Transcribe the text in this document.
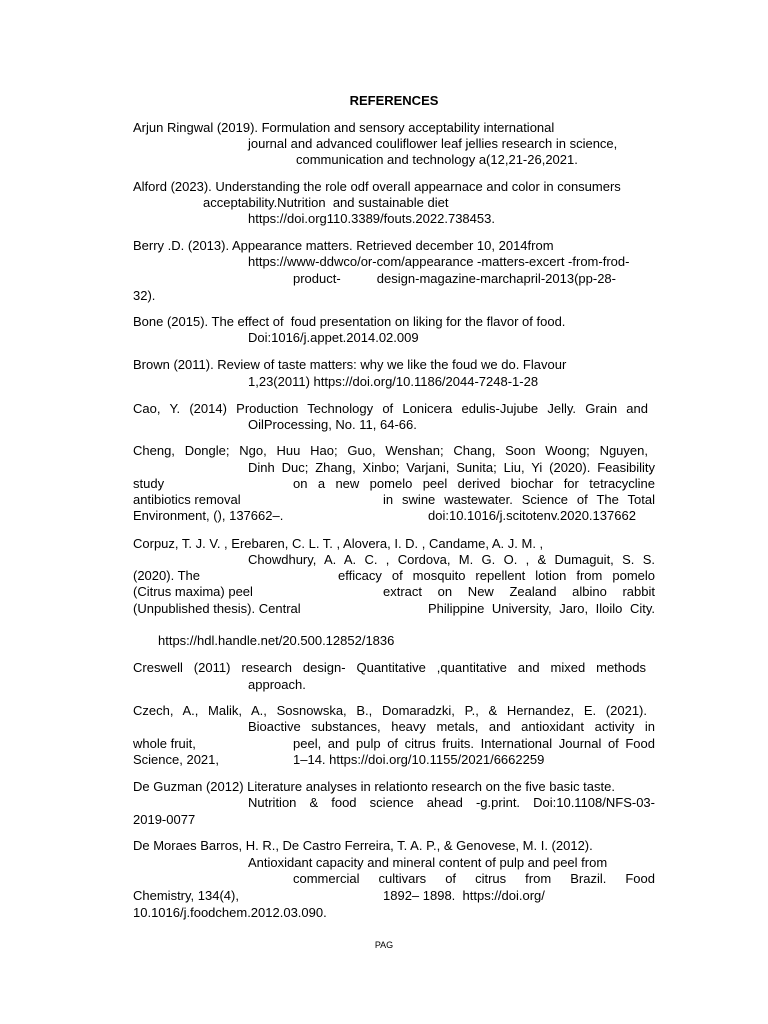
REFERENCES
Arjun Ringwal (2019). Formulation and sensory acceptability international
journal and advanced couliflower leaf jellies research in science,
communication and technology a(12,21-26,2021.
Alford (2023). Understanding the role odf overall appearnace and color in consumers
acceptability.Nutrition  and sustainable diet
https://doi.org110.3389/fouts.2022.738453.
Berry .D. (2013). Appearance matters. Retrieved december 10, 2014from
https://www-ddwco/or-com/appearance -matters-excert -from-frod-
product-          design-magazine-marchapril-2013(pp-28-
32).
Bone (2015). The effect of  foud presentation on liking for the flavor of food.
Doi:1016/j.appet.2014.02.009
Brown (2011). Review of taste matters: why we like the foud we do. Flavour
1,23(2011) https://doi.org/10.1186/2044-7248-1-28
Cao, Y. (2014) Production Technology of Lonicera edulis-Jujube Jelly. Grain and
OilProcessing, No. 11, 64-66.
Cheng, Dongle; Ngo, Huu Hao; Guo, Wenshan; Chang, Soon Woong; Nguyen,
Dinh Duc; Zhang, Xinbo; Varjani, Sunita; Liu, Yi (2020). Feasibility
study	on a new pomelo peel derived biochar for tetracycline
antibiotics removal	in swine wastewater. Science of The Total
Environment, (), 137662–.	doi:10.1016/j.scitotenv.2020.137662
Corpuz, T. J. V. , Erebaren, C. L. T. , Alovera, I. D. , Candame, A. J. M. ,
Chowdhury, A. A. C. , Cordova, M. G. O. , & Dumaguit, S. S.
(2020). The	efficacy of mosquito repellent lotion from pomelo
(Citrus maxima) peel	extract on New Zealand albino rabbit
(Unpublished thesis). Central	Philippine University, Jaro, Iloilo City.
https://hdl.handle.net/20.500.12852/1836
Creswell (2011) research design- Quantitative ,quantitative and mixed methods
approach.
Czech, A., Malik, A., Sosnowska, B., Domaradzki, P., & Hernandez, E. (2021).
Bioactive substances, heavy metals, and antioxidant activity in
whole fruit,	peel, and pulp of citrus fruits. International Journal of Food
Science, 2021,	1–14. https://doi.org/10.1155/2021/6662259
De Guzman (2012) Literature analyses in relationto research on the five basic taste.
Nutrition & food science ahead -g.print. Doi:10.1108/NFS-03-
2019-0077
De Moraes Barros, H. R., De Castro Ferreira, T. A. P., & Genovese, M. I. (2012).
Antioxidant capacity and mineral content of pulp and peel from
Chemistry, 134(4),
commercial cultivars of citrus from Brazil. Food
1892– 1898.  https://doi.org/
10.1016/j.foodchem.2012.03.090.
PAG
